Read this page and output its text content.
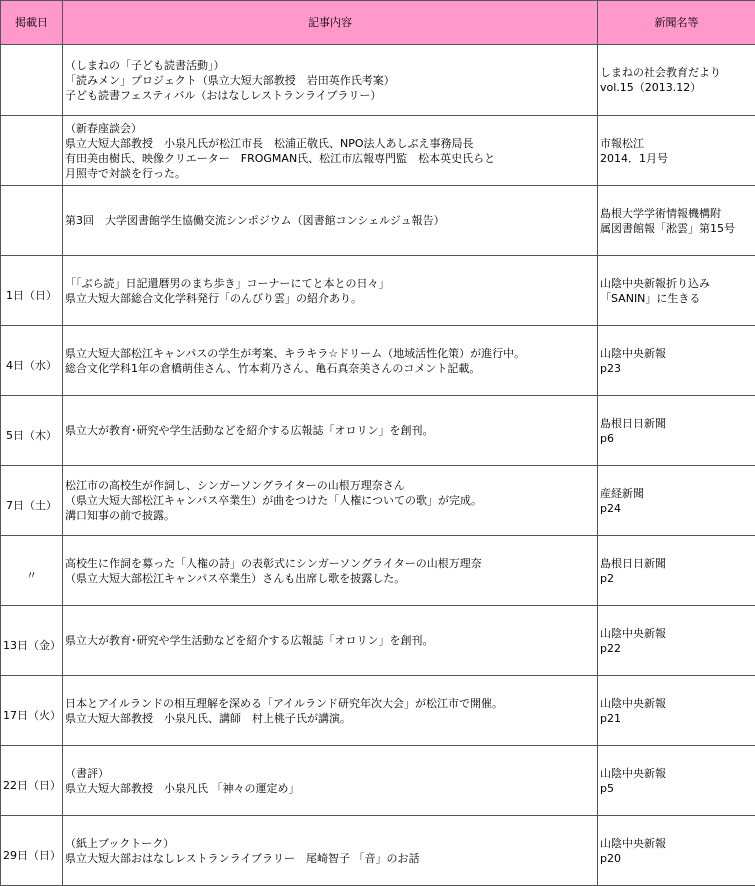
掲載日	記事内容	新聞名等
	（しまねの「子ども読書活動」）
「読みメン」プロジェクト（県立大短大部教授　岩田英作氏考案）
子ども読書フェスティバル（おはなしレストランライブラリー）	しまねの社会教育だより
vol.15（2013.12）
	（新春座談会）
県立大短大部教授　小泉凡氏が松江市長　松浦正敬氏、NPO法人あしぶえ事務局長
有田美由樹氏、映像クリエーター　FROGMAN氏、松江市広報専門監　松本英史氏らと
月照寺で対談を行った。	市報松江
2014．1月号
	第3回　大学図書館学生協働交流シンポジウム（図書館コンシェルジュ報告）	島根大学学術情報機構附
属図書館報「淞雲」第15号
1日（日）	「「ぶら読」日記還暦男のまち歩き」コーナーにてと本との日々」
県立大短大部総合文化学科発行「のんびり雲」の紹介あり。	山陰中央新報折り込み
「SANIN」に生きる
4日（水）	県立大短大部松江キャンパスの学生が考案、キラキラ☆ドリーム（地域活性化策）が進行中。
総合文化学科1年の倉橋萌佳さん、竹本莉乃さん、亀石真奈美さんのコメント記載。	山陰中央新報
p23
5日（木）	県立大が教育･研究や学生活動などを紹介する広報誌「オロリン」を創刊。	島根日日新聞
p6
7日（土）	松江市の高校生が作詞し、シンガーソングライターの山根万理奈さん
（県立大短大部松江キャンパス卒業生）が曲をつけた「人権についての歌」が完成。
溝口知事の前で披露。	産経新聞
p24
〃	高校生に作詞を募った「人権の詩」の表彰式にシンガーソングライターの山根万理奈
（県立大短大部松江キャンパス卒業生）さんも出席し歌を披露した。	島根日日新聞
p2
13日（金）	県立大が教育･研究や学生活動などを紹介する広報誌「オロリン」を創刊。	山陰中央新報
p22
17日（火）	日本とアイルランドの相互理解を深める「アイルランド研究年次大会」が松江市で開催。
県立大短大部教授　小泉凡氏、講師　村上桃子氏が講演。	山陰中央新報
p21
22日（日）	（書評）
県立大短大部教授　小泉凡氏 「神々の運定め」	山陰中央新報
p5
29日（日）	（紙上ブックトーク）
県立大短大部おはなしレストランライブラリー　尾崎智子 「音」のお話	山陰中央新報
p20
